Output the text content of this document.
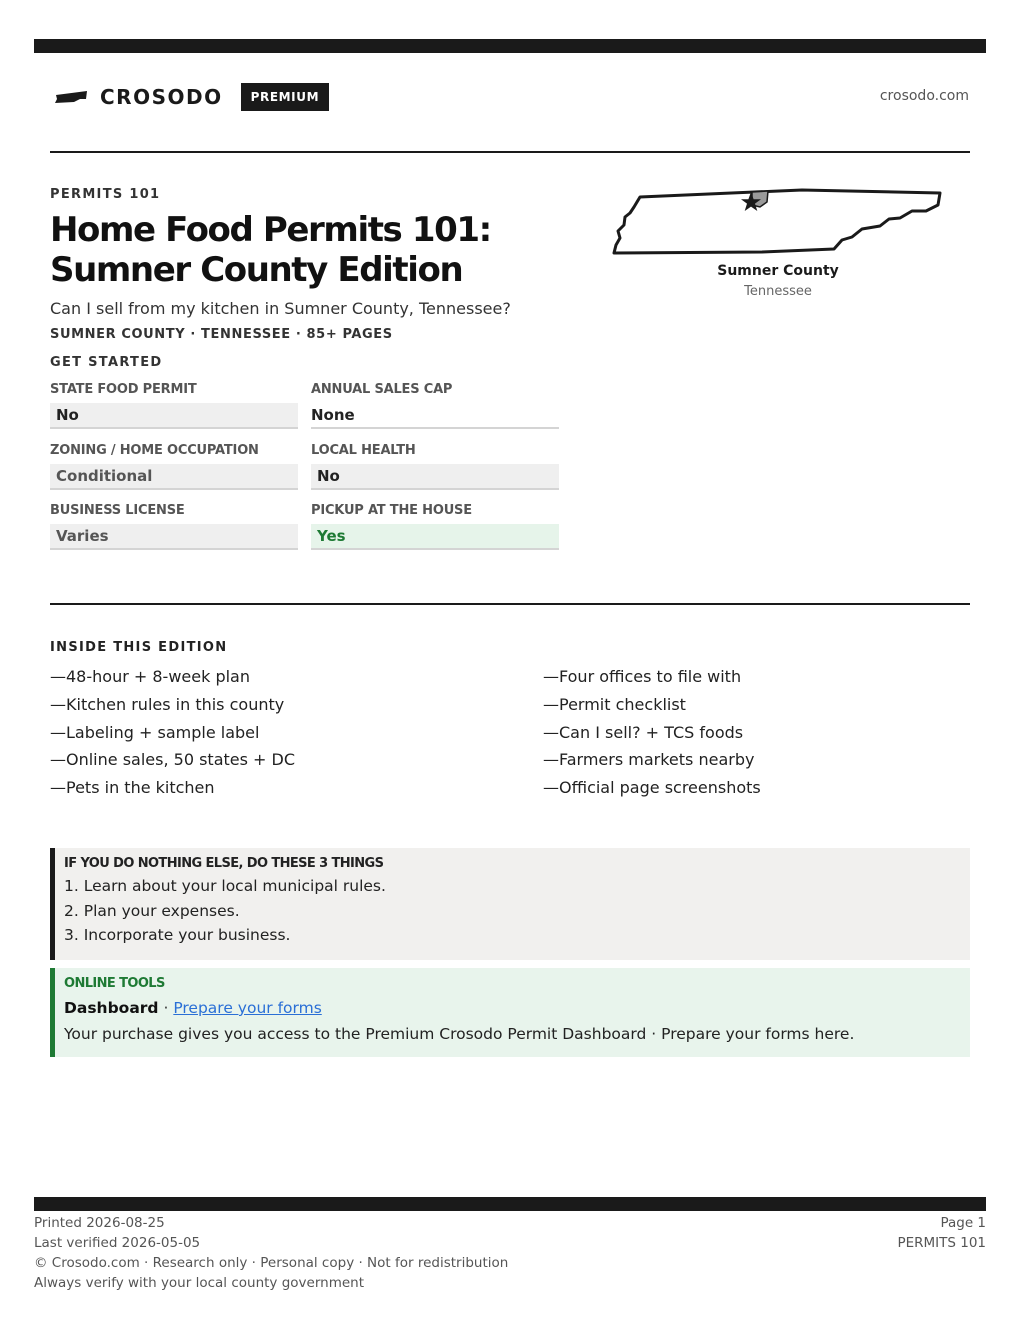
CROSODO	PREMIUM	crosodo.com
PERMITS 101
Home Food Permits 101: Sumner County Edition
Can I sell from my kitchen in Sumner County, Tennessee?
SUMNER COUNTY · TENNESSEE · 85+ PAGES
GET STARTED
Sumner County
Tennessee
STATE FOOD PERMIT
No
ANNUAL SALES CAP
None
ZONING / HOME OCCUPATION
Conditional
LOCAL HEALTH
No
BUSINESS LICENSE
Varies
PICKUP AT THE HOUSE
Yes
INSIDE THIS EDITION
—48-hour + 8-week plan
—Kitchen rules in this county
—Labeling + sample label
—Online sales, 50 states + DC
—Pets in the kitchen
—Four offices to file with
—Permit checklist
—Can I sell? + TCS foods
—Farmers markets nearby
—Official page screenshots
IF YOU DO NOTHING ELSE, DO THESE 3 THINGS
1. Learn about your local municipal rules.
2. Plan your expenses.
3. Incorporate your business.
ONLINE TOOLS
Dashboard · Prepare your forms
Your purchase gives you access to the Premium Crosodo Permit Dashboard · Prepare your forms here.
Printed 2026-08-25
Last verified 2026-05-05
© Crosodo.com · Research only · Personal copy · Not for redistribution
Always verify with your local county government
Page 1
PERMITS 101
